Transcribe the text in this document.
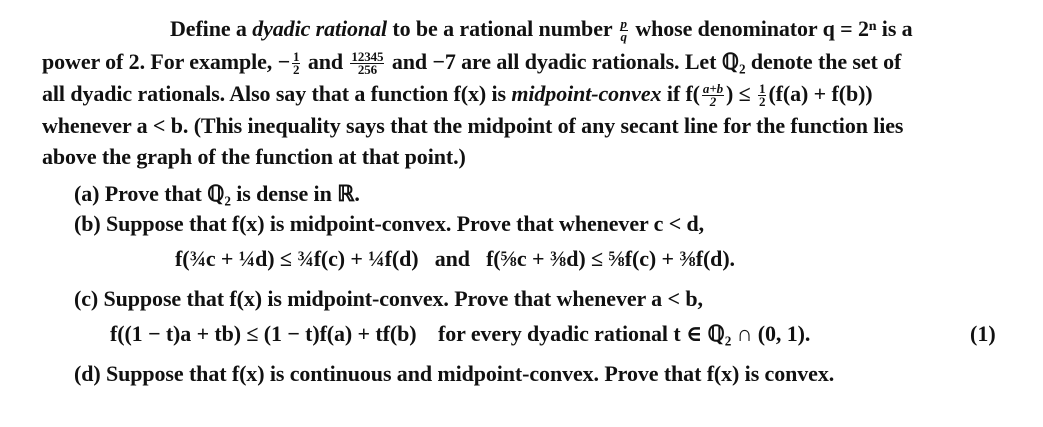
Define a dyadic rational to be a rational number $\frac{p}{q}$ whose denominator q = 2ⁿ is a
power of 2. For example, − $\frac{1}{2}$ and $\frac{12345}{256}$ and −7 are all dyadic rationals. Let ℚ₂ denote the set of
all dyadic rationals. Also say that a function f(x) is midpoint-convex if $f( \frac{a+b}{2}$ ) ≤ $\frac{1}{2} (f(a) + f(b))$
whenever a < b. (This inequality says that the midpoint of any secant line for the function lies
above the graph of the function at that point.)
(a) Prove that ℚ₂ is dense in ℝ.
(b) Suppose that f(x) is midpoint-convex. Prove that whenever c < d,
f(¾c + ¼d) ≤ ¾f(c) + ¼f(d) and f(⅝c + ⅜d) ≤ ⅝f(c) + ⅜f(d).
(c) Suppose that f(x) is midpoint-convex. Prove that whenever a < b,
f((1 − t)a + tb) ≤ (1 − t)f(a) + tf(b) for every dyadic rational t ∈ ℚ₂ ∩ (0, 1).	(1)
(d) Suppose that f(x) is continuous and midpoint-convex. Prove that f(x) is convex.
